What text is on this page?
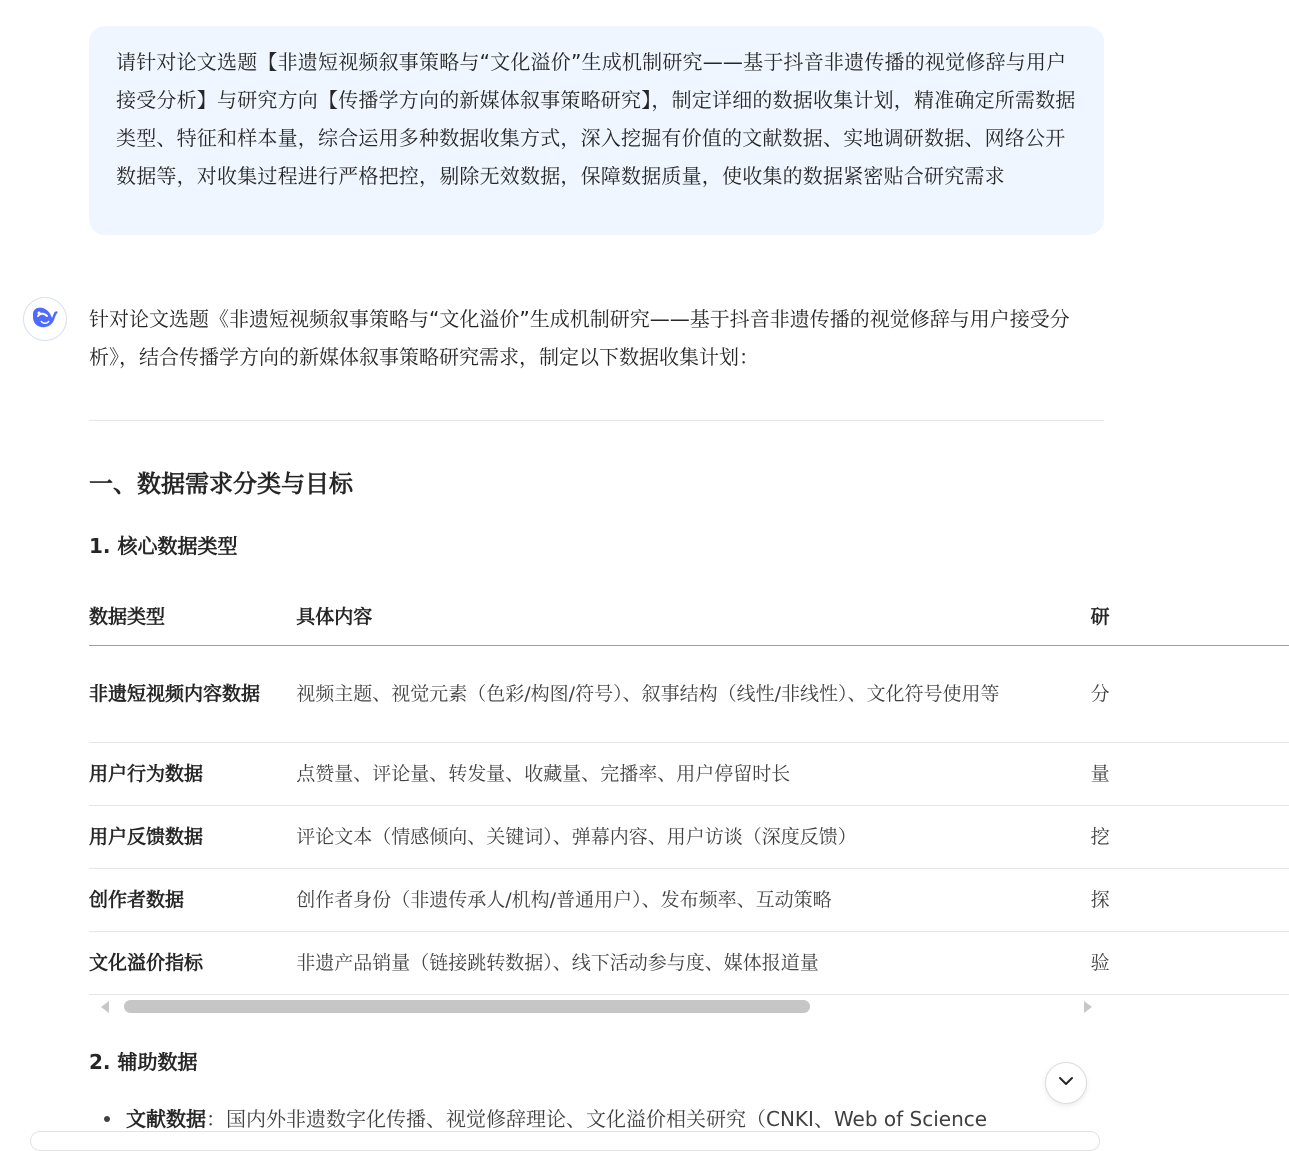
请针对论文选题【非遗短视频叙事策略与“文化溢价”生成机制研究——基于抖音非遗传播的视觉修辞与用户接受分析】与研究方向【传播学方向的新媒体叙事策略研究】，制定详细的数据收集计划，精准确定所需数据类型、特征和样本量，综合运用多种数据收集方式，深入挖掘有价值的文献数据、实地调研数据、网络公开数据等，对收集过程进行严格把控，剔除无效数据，保障数据质量，使收集的数据紧密贴合研究需求
针对论文选题《非遗短视频叙事策略与“文化溢价”生成机制研究——基于抖音非遗传播的视觉修辞与用户接受分析》，结合传播学方向的新媒体叙事策略研究需求，制定以下数据收集计划：
一、数据需求分类与目标
1. 核心数据类型
数据类型	具体内容	研
非遗短视频内容数据	视频主题、视觉元素（色彩/构图/符号）、叙事结构（线性/非线性）、文化符号使用等	分
用户行为数据	点赞量、评论量、转发量、收藏量、完播率、用户停留时长	量
用户反馈数据	评论文本（情感倾向、关键词）、弹幕内容、用户访谈（深度反馈）	挖
创作者数据	创作者身份（非遗传承人/机构/普通用户）、发布频率、互动策略	探
文化溢价指标	非遗产品销量（链接跳转数据）、线下活动参与度、媒体报道量	验
2. 辅助数据
文献数据：国内外非遗数字化传播、视觉修辞理论、文化溢价相关研究（CNKI、Web of Science
